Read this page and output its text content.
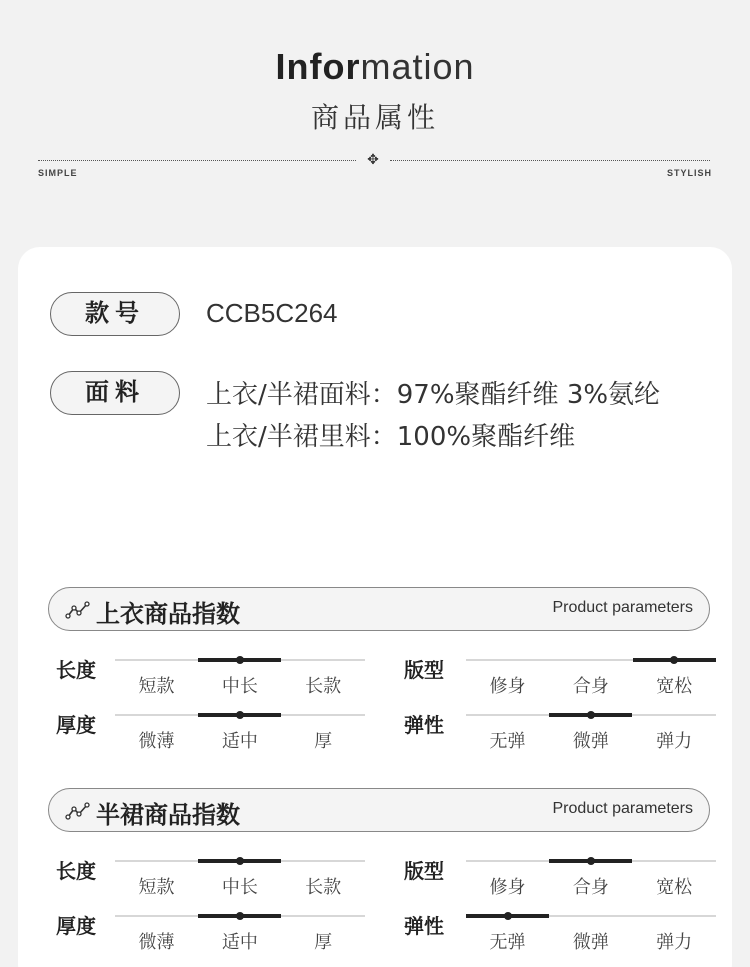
Information
商品属性
✥
SIMPLE	STYLISH
款号	CCB5C264
面料	上衣/半裙面料：97%聚酯纤维 3%氨纶
上衣/半裙里料：100%聚酯纤维
上衣商品指数	Product parameters
半裙商品指数	Product parameters
长度
短款	中长	长款
版型
修身	合身	宽松
厚度
微薄	适中	厚
弹性
无弹	微弹	弹力
长度
短款	中长	长款
版型
修身	合身	宽松
厚度
微薄	适中	厚
弹性
无弹	微弹	弹力
